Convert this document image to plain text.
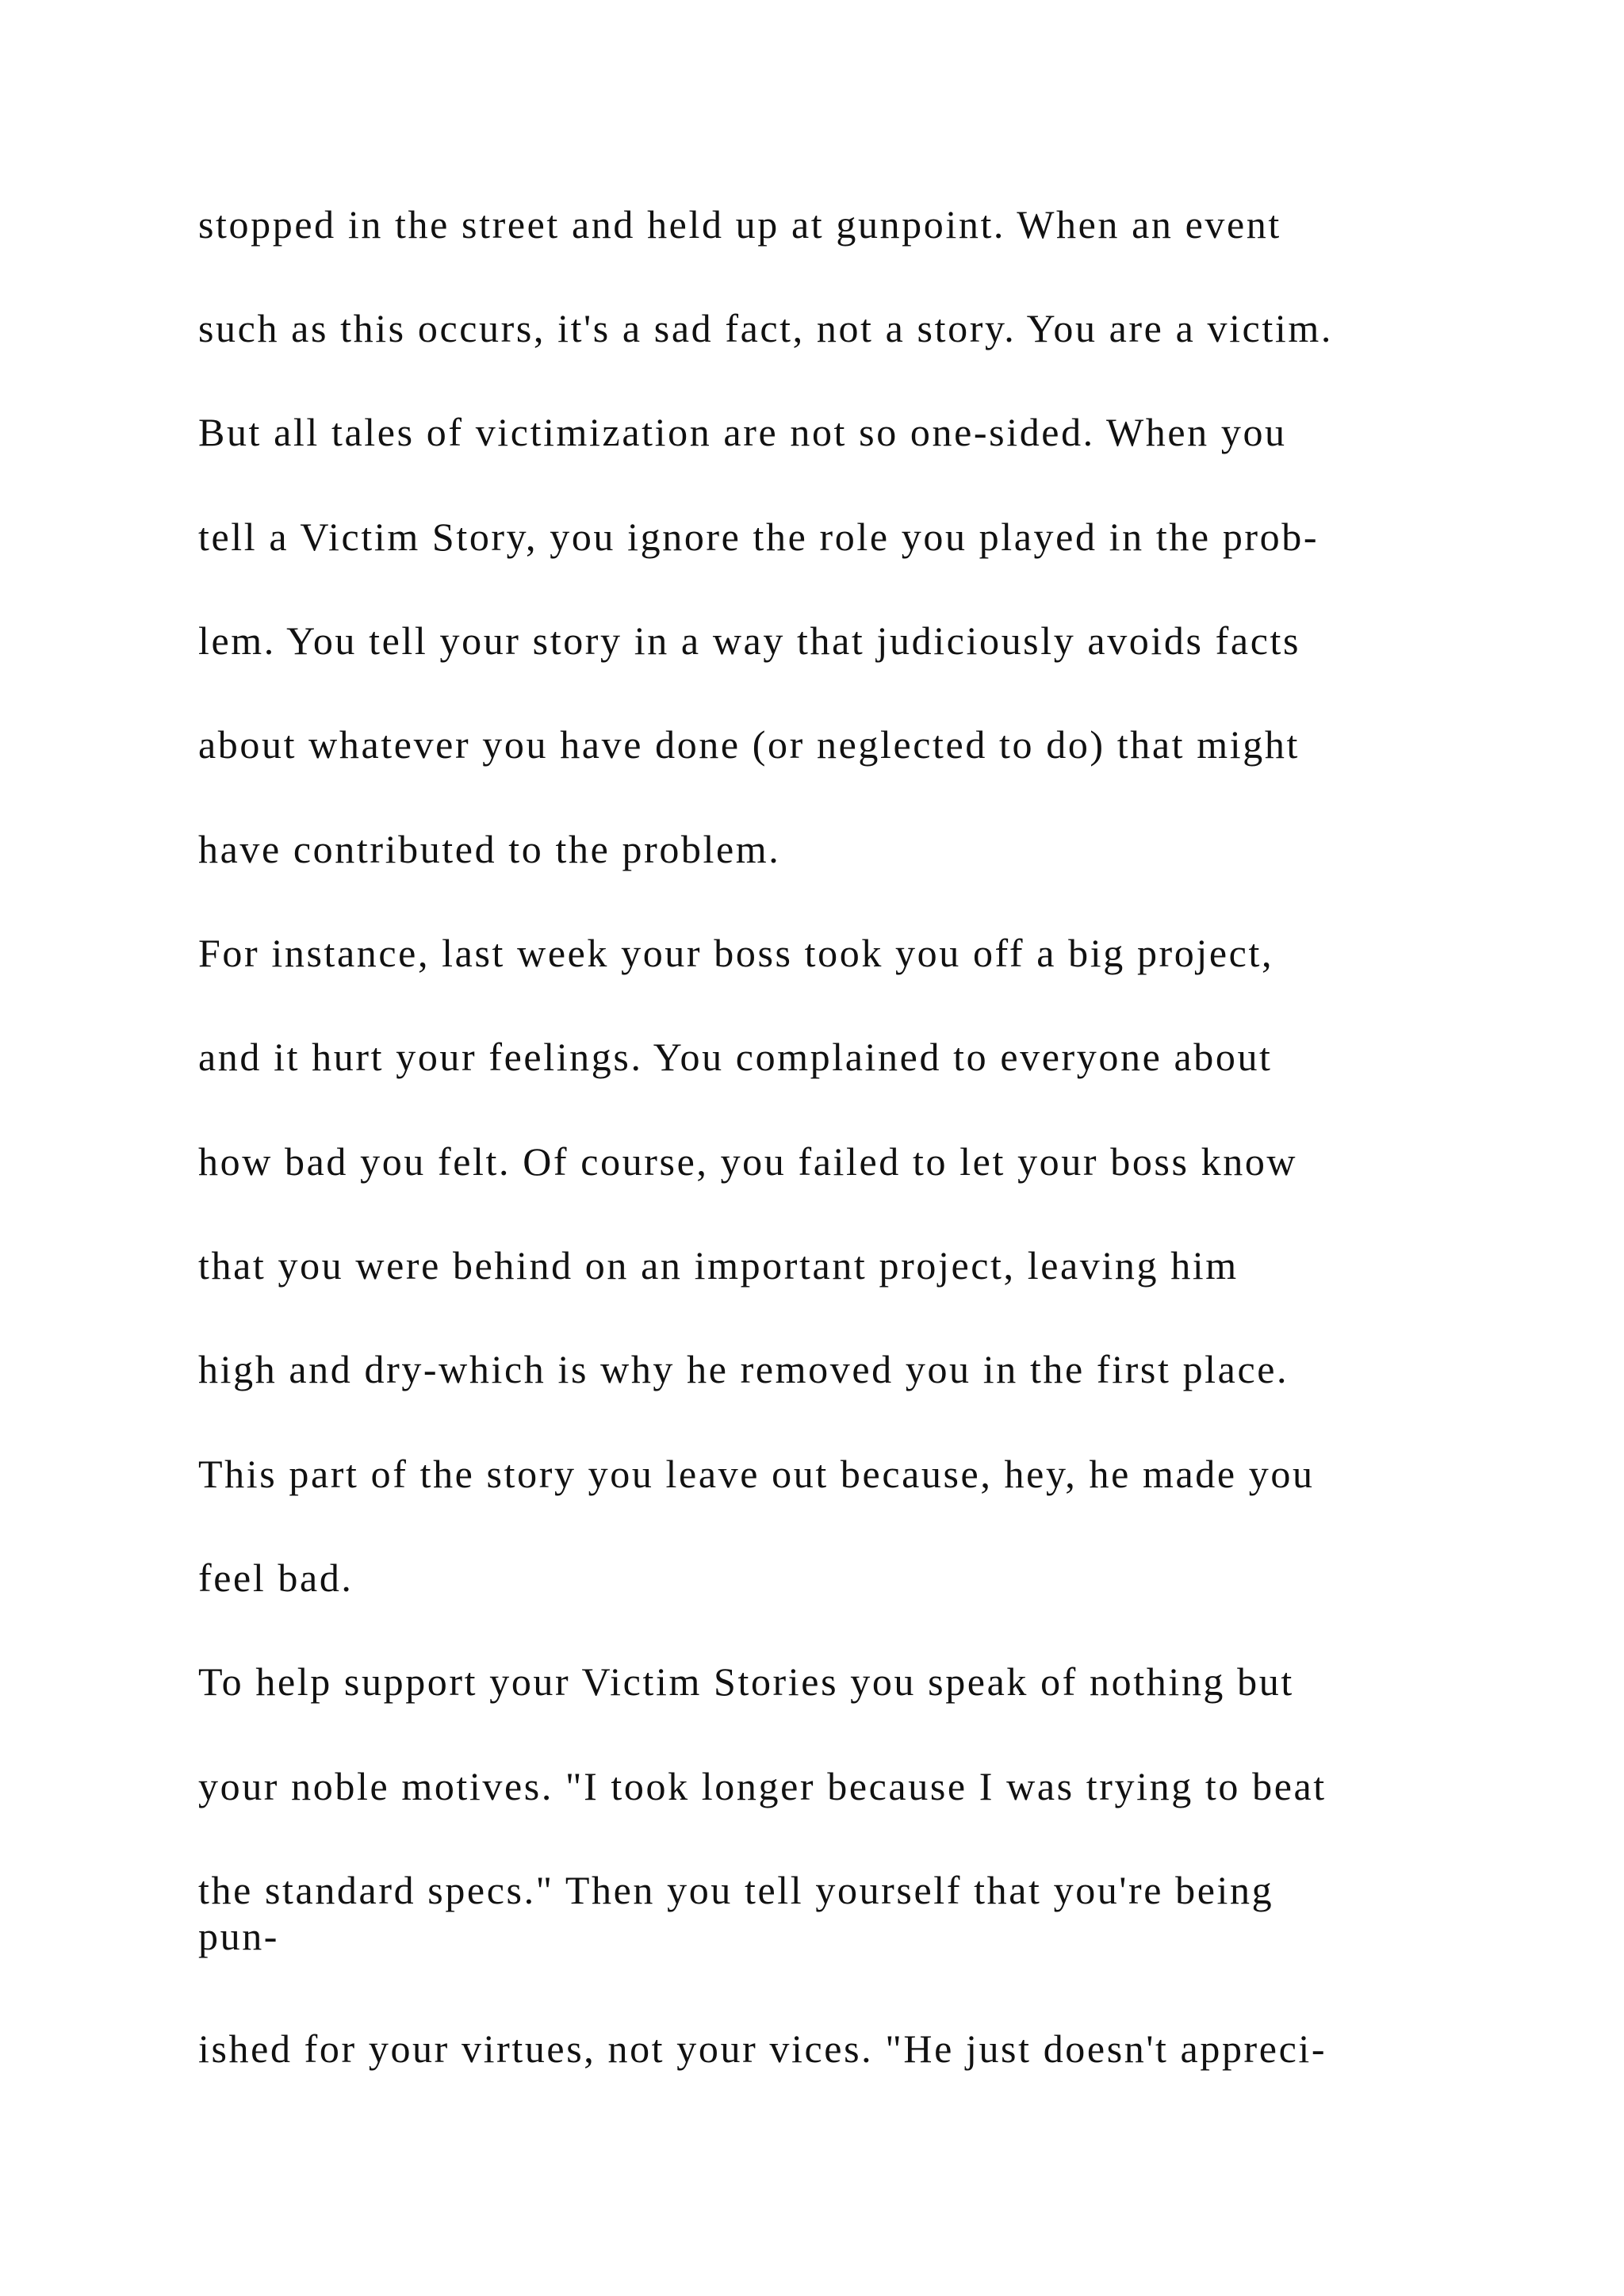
stopped in the street and held up at gunpoint. When an event

such as this occurs, it's a sad fact, not a story. You are a victim.

But all tales of victimization are not so one-sided. When you

tell a Victim Story, you ignore the role you played in the prob-

lem. You tell your story in a way that judiciously avoids facts

about whatever you have done (or neglected to do) that might

have contributed to the problem.

For instance, last week your boss took you off a big project,

and it hurt your feelings. You complained to everyone about

how bad you felt. Of course, you failed to let your boss know

that you were behind on an important project, leaving him

high and dry-which is why he removed you in the first place.

This part of the story you leave out because, hey, he made you

feel bad.

To help support your Victim Stories you speak of nothing but

your noble motives. "I took longer because I was trying to beat

the standard specs." Then you tell yourself that you're being

pun-

ished for your virtues, not your vices. "He just doesn't appreci-
